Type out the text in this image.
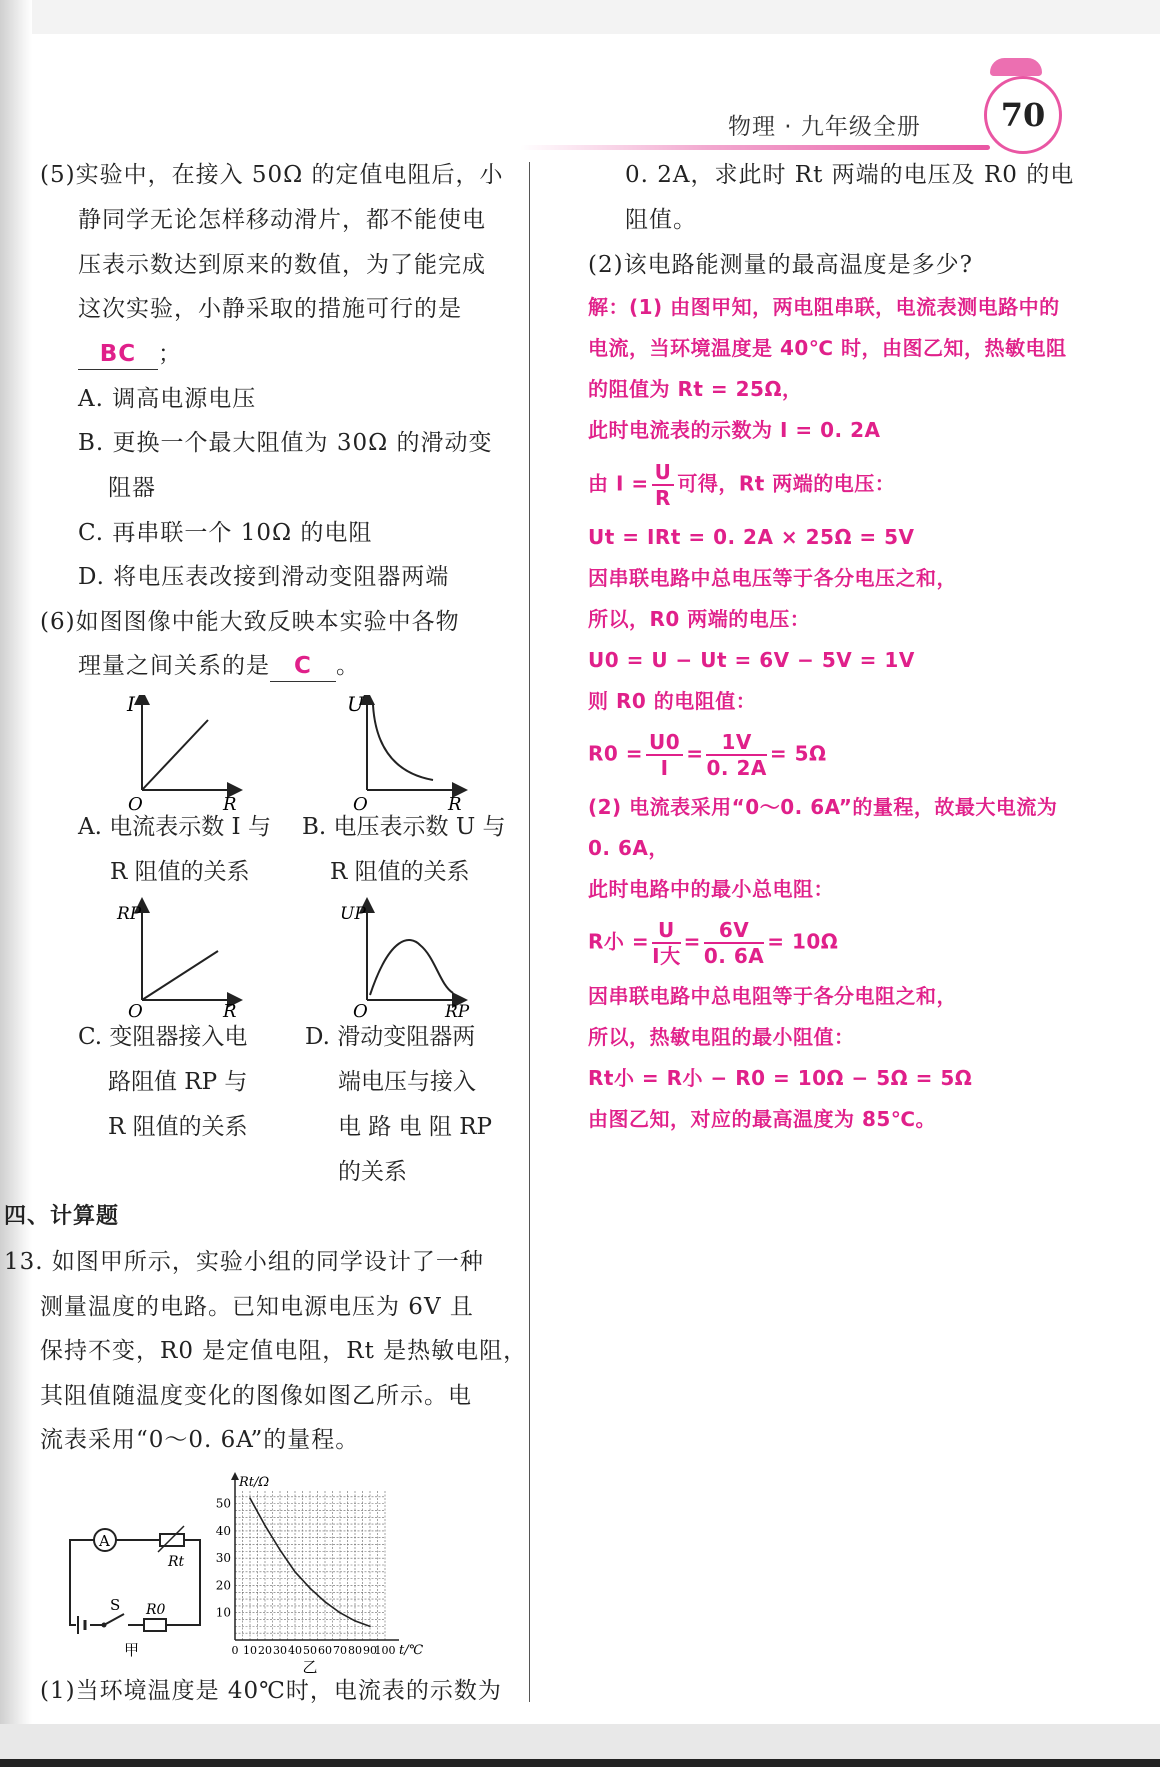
物理 · 九年级全册	70
(5)实验中，在接入 50Ω 的定值电阻后，小
静同学无论怎样移动滑片，都不能使电
压表示数达到原来的数值，为了能完成
这次实验，小静采取的措施可行的是
BC ；
A. 调高电源电压
B. 更换一个最大阻值为 30Ω 的滑动变
阻器
C. 再串联一个 10Ω 的电阻
D. 将电压表改接到滑动变阻器两端
(6)如图图像中能大致反映本实验中各物
理量之间关系的是 C 。
I
R
O
U
R
O
RP
R
O
UP
RP
O
A. 电流表示数 I 与
R 阻值的关系
B. 电压表示数 U 与
R 阻值的关系
C. 变阻器接入电
路阻值 RP 与
R 阻值的关系
D. 滑动变阻器两
端电压与接入
电 路 电 阻 RP
的关系
四、计算题
13. 如图甲所示，实验小组的同学设计了一种
测量温度的电路。已知电源电压为 6V 且
保持不变，R0 是定值电阻，Rt 是热敏电阻，
其阻值随温度变化的图像如图乙所示。电
流表采用“0～0. 6A”的量程。
A
Rt
S R0
甲	0 10 20 30 40 50 60 70 80 90
100
10
20
30
40
50
t/℃
Rt/Ω
乙
(1)当环境温度是 40℃时，电流表的示数为
0. 2A，求此时 Rt 两端的电压及 R0 的电
阻值。
(2)该电路能测量的最高温度是多少?
解：(1) 由图甲知，两电阻串联，电流表测电路中的
电流，当环境温度是 40℃ 时，由图乙知，热敏电阻
的阻值为 Rt = 25Ω，
此时电流表的示数为 I = 0. 2A
由 $I = \frac{U}{R}$ 可得，Rt 两端的电压：
Ut = IRt = 0. 2A × 25Ω = 5V
因串联电路中总电压等于各分电压之和，
所以，R0 两端的电压：
U0 = U − Ut = 6V − 5V = 1V
则 R0 的电阻值：
$R0 = \frac{U0}{I} = \frac{1V}{0. 2A} = 5\Omega$
(2) 电流表采用“0～0. 6A”的量程，故最大电流为
0. 6A，
此时电路中的最小总电阻：
R小 = $\frac{U}{\text{I大}} = \frac{6V}{0. 6A} = 10\Omega$
因串联电路中总电阻等于各分电阻之和，
所以，热敏电阻的最小阻值：
Rt小 = R小 − R0 = 10Ω − 5Ω = 5Ω
由图乙知，对应的最高温度为 85℃。
